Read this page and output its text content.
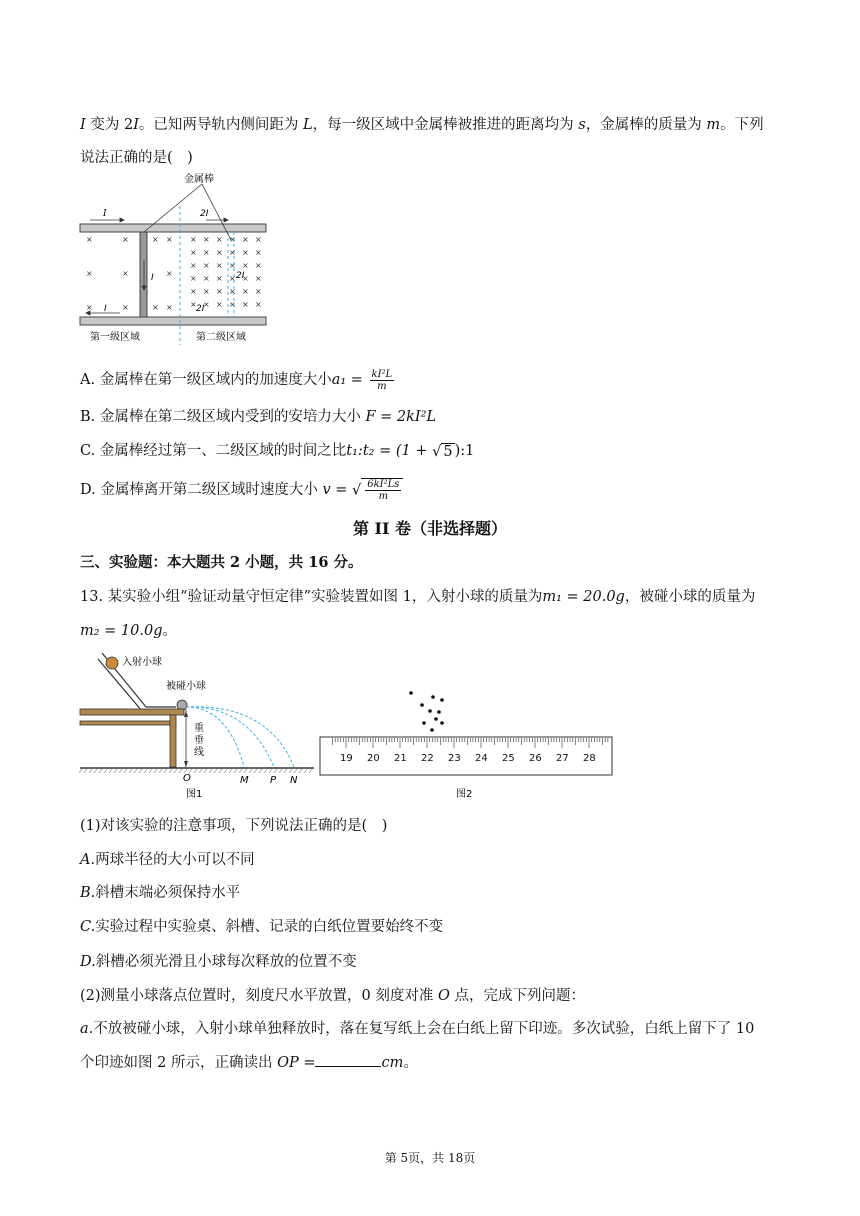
I 变为 2I。已知两导轨内侧间距为 L，每一级区域中金属棒被推进的距离均为 s，金属棒的质量为 m。下列
说法正确的是(　)
×	×
×	×
×	×
× ×
×
× ×
× × × × × ×
× × × × × ×
× × × × × ×
× × × × × ×
× × × × × ×
× × × × × ×
金属棒
I	2I
I	2I
I	2I
第一级区域	第二级区域
A. 金属棒在第一级区域内的加速度大小$a_1 = \frac{\text{kI²L}}{m}$
B. 金属棒在第二级区域内受到的安培力大小 F = 2kI²L
C. 金属棒经过第一、二级区域的时间之比t₁:t₂ = (1 + √ 5 ):1
D. 金属棒离开第二级区域时速度大小 v = √ $\frac{\text{6kI²Ls}}{m}$
第 II 卷（非选择题）
三、实验题：本大题共 2 小题，共 16 分。
13. 某实验小组“验证动量守恒定律”实验装置如图 1，入射小球的质量为m₁ = 20.0g，被碰小球的质量为
m₂ = 10.0g。
入射小球
被碰小球
重
垂
线
O	M P N
图1
19 20 21 22 23 24 25 26 27 28
图2
(1)对该实验的注意事项，下列说法正确的是(　)
A.两球半径的大小可以不同
B.斜槽末端必须保持水平
C.实验过程中实验桌、斜槽、记录的白纸位置要始终不变
D.斜槽必须光滑且小球每次释放的位置不变
(2)测量小球落点位置时，刻度尺水平放置，0 刻度对准 O 点，完成下列问题：
a.不放被碰小球，入射小球单独释放时，落在复写纸上会在白纸上留下印迹。多次试验，白纸上留下了 10
个印迹如图 2 所示，正确读出 OP =	cm。
第 5页，共 18页
